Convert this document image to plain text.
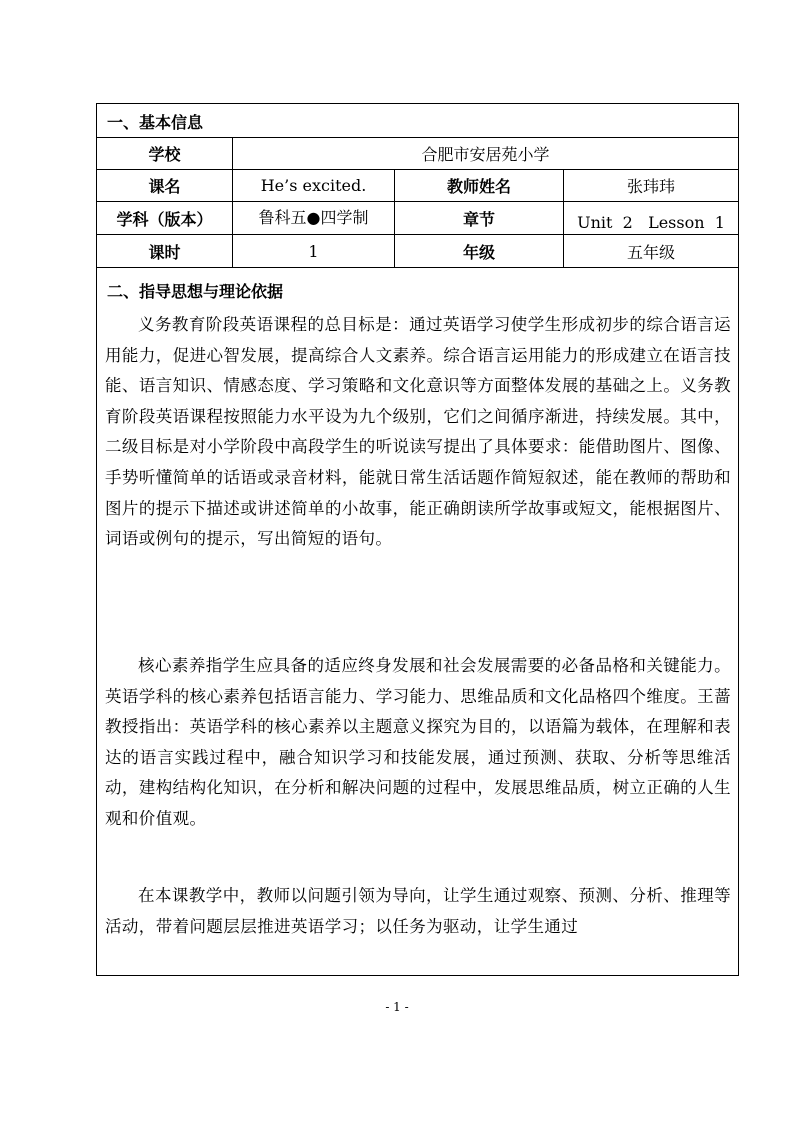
一、基本信息
学校	合肥市安居苑小学
课名	He’s excited.	教师姓名	张玮玮
学科（版本）	鲁科五●四学制	章节	Unit  2   Lesson  1
课时	1	年级	五年级
二、指导思想与理论依据

义务教育阶段英语课程的总目标是：通过英语学习使学生形成初步的综合语言运用能力，促进心智发展，提高综合人文素养。综合语言运用能力的形成建立在语言技能、语言知识、情感态度、学习策略和文化意识等方面整体发展的基础之上。义务教育阶段英语课程按照能力水平设为九个级别，它们之间循序渐进，持续发展。其中，二级目标是对小学阶段中高段学生的听说读写提出了具体要求：能借助图片、图像、手势听懂简单的话语或录音材料，能就日常生活话题作简短叙述，能在教师的帮助和图片的提示下描述或讲述简单的小故事，能正确朗读所学故事或短文，能根据图片、词语或例句的提示，写出简短的语句。

核心素养指学生应具备的适应终身发展和社会发展需要的必备品格和关键能力。英语学科的核心素养包括语言能力、学习能力、思维品质和文化品格四个维度。王蔷教授指出：英语学科的核心素养以主题意义探究为目的，以语篇为载体，在理解和表达的语言实践过程中，融合知识学习和技能发展，通过预测、获取、分析等思维活动，建构结构化知识，在分析和解决问题的过程中，发展思维品质，树立正确的人生观和价值观。

在本课教学中，教师以问题引领为导向，让学生通过观察、预测、分析、推理等活动，带着问题层层推进英语学习；以任务为驱动，让学生通过

- 1 -
